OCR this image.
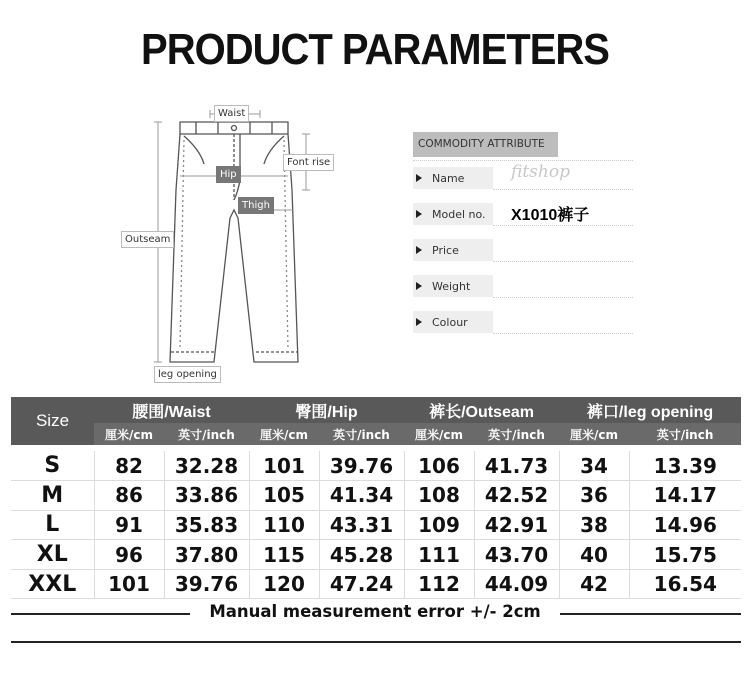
PRODUCT PARAMETERS
Waist
Font rise
Hip
Thigh
Outseam
leg opening
COMMODITY ATTRIBUTE
Name	fitshop
Model no. X1010裤子
Price
Weight
Colour
Size	腰围/Waist		臀围/Hip		裤长/Outseam		裤口/leg opening	
	厘米/cm	英寸/inch	厘米/cm	英寸/inch	厘米/cm	英寸/inch	厘米/cm	英寸/inch

S	82	32.28	101	39.76	106	41.73	34	13.39
M	86	33.86	105	41.34	108	42.52	36	14.17
L	91	35.83	110	43.31	109	42.91	38	14.96
XL	96	37.80	115	45.28	111	43.70	40	15.75
XXL	101	39.76	120	47.24	112	44.09	42	16.54
Manual measurement error +/- 2cm
